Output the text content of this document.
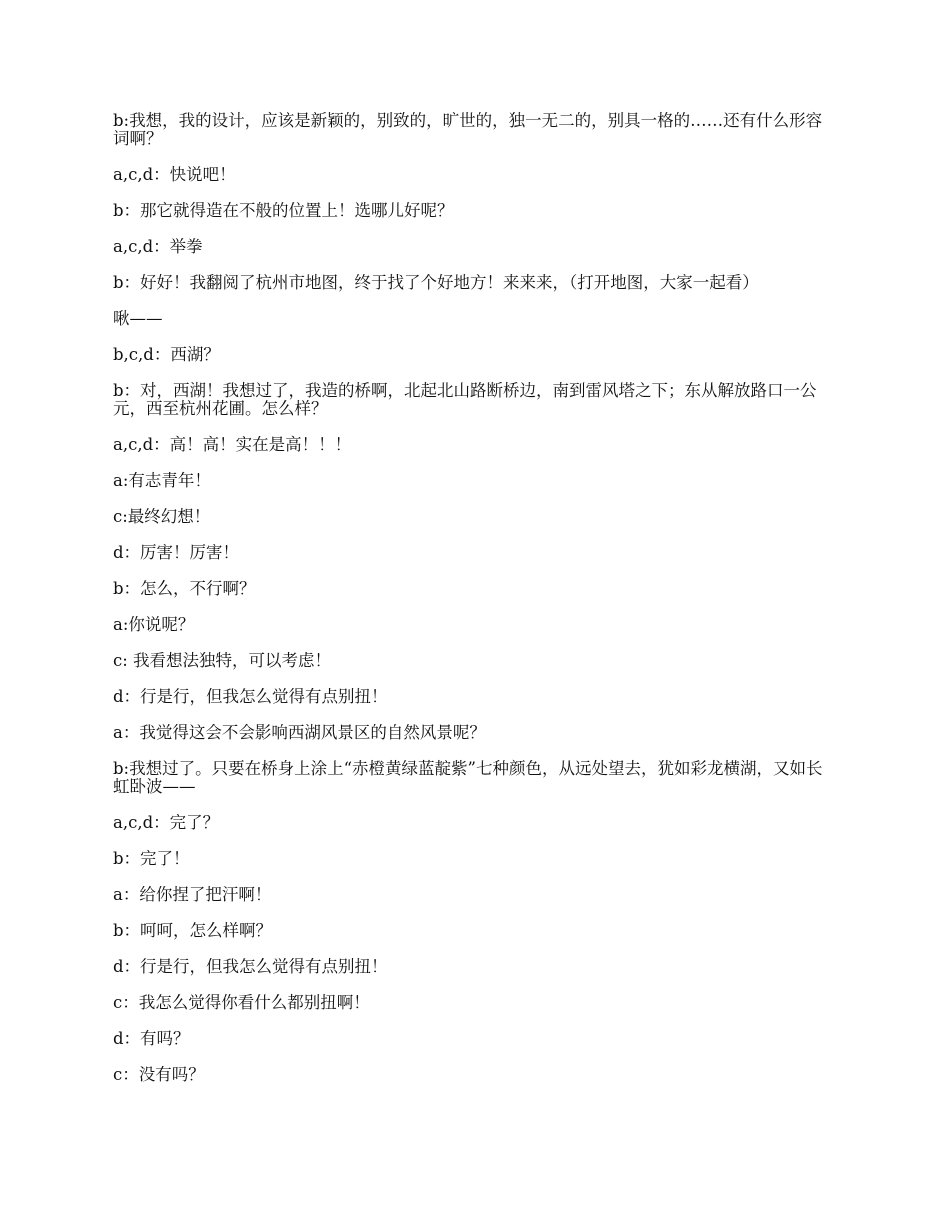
b:我想，我的设计，应该是新颖的，别致的，旷世的，独一无二的，别具一格的……还有什么形容词啊？

a,c,d：快说吧！

b：那它就得造在不般的位置上！选哪儿好呢？

a,c,d：举拳

b：好好！我翻阅了杭州市地图，终于找了个好地方！来来来，（打开地图，大家一起看）

啾——

b,c,d：西湖？

b：对，西湖！我想过了，我造的桥啊，北起北山路断桥边，南到雷风塔之下；东从解放路口一公元，西至杭州花圃。怎么样？

a,c,d：高！高！实在是高！！！

a:有志青年！

c:最终幻想！

d：厉害！厉害！

b：怎么，不行啊？

a:你说呢？

c: 我看想法独特，可以考虑！

d：行是行，但我怎么觉得有点别扭！

a：我觉得这会不会影响西湖风景区的自然风景呢？

b:我想过了。只要在桥身上涂上“赤橙黄绿蓝靛紫”七种颜色，从远处望去，犹如彩龙横湖，又如长虹卧波——

a,c,d：完了？

b：完了！

a：给你捏了把汗啊！

b：呵呵，怎么样啊？

d：行是行，但我怎么觉得有点别扭！

c：我怎么觉得你看什么都别扭啊！

d：有吗？

c：没有吗？
